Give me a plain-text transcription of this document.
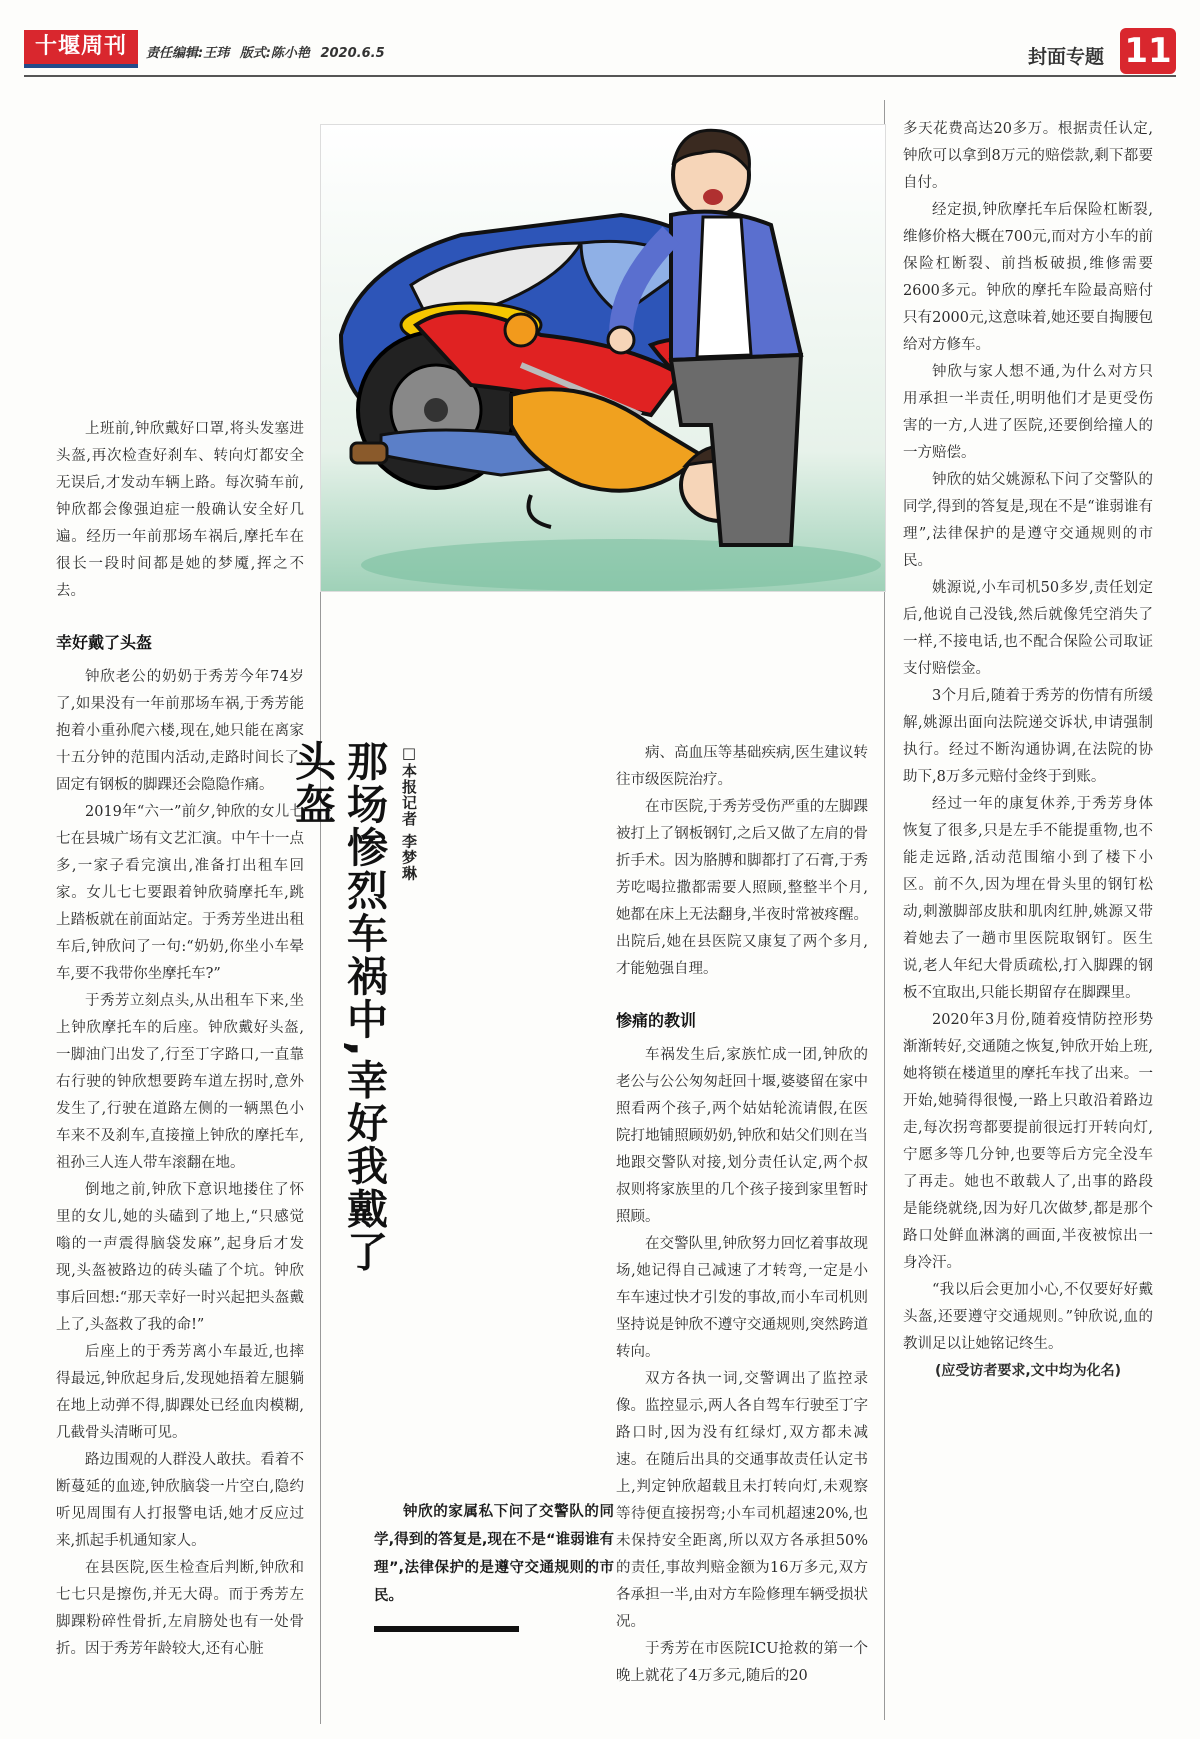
十堰周刊	责任编辑:王玮 版式:陈小艳 2020.6.5	封面专题 11
那场惨烈车祸中,幸好我戴了头盔	□本报记者 李梦琳

上班前,钟欣戴好口罩,将头发塞进头盔,再次检查好刹车、转向灯都安全无误后,才发动车辆上路。每次骑车前,钟欣都会像强迫症一般确认安全好几遍。经历一年前那场车祸后,摩托车在很长一段时间都是她的梦魇,挥之不去。

幸好戴了头盔

钟欣老公的奶奶于秀芳今年74岁了,如果没有一年前那场车祸,于秀芳能抱着小重孙爬六楼,现在,她只能在离家十五分钟的范围内活动,走路时间长了,固定有钢板的脚踝还会隐隐作痛。

2019年“六一”前夕,钟欣的女儿七七在县城广场有文艺汇演。中午十一点多,一家子看完演出,准备打出租车回家。女儿七七要跟着钟欣骑摩托车,跳上踏板就在前面站定。于秀芳坐进出租车后,钟欣问了一句:“奶奶,你坐小车晕车,要不我带你坐摩托车?”

于秀芳立刻点头,从出租车下来,坐上钟欣摩托车的后座。钟欣戴好头盔,一脚油门出发了,行至丁字路口,一直靠右行驶的钟欣想要跨车道左拐时,意外发生了,行驶在道路左侧的一辆黑色小车来不及刹车,直接撞上钟欣的摩托车,祖孙三人连人带车滚翻在地。

倒地之前,钟欣下意识地搂住了怀里的女儿,她的头磕到了地上,“只感觉嗡的一声震得脑袋发麻”,起身后才发现,头盔被路边的砖头磕了个坑。钟欣事后回想:“那天幸好一时兴起把头盔戴上了,头盔救了我的命!”

后座上的于秀芳离小车最近,也摔得最远,钟欣起身后,发现她捂着左腿躺在地上动弹不得,脚踝处已经血肉模糊,几截骨头清晰可见。

路边围观的人群没人敢扶。看着不断蔓延的血迹,钟欣脑袋一片空白,隐约听见周围有人打报警电话,她才反应过来,抓起手机通知家人。

在县医院,医生检查后判断,钟欣和七七只是擦伤,并无大碍。而于秀芳左脚踝粉碎性骨折,左肩膀处也有一处骨折。因于秀芳年龄较大,还有心脏

病、高血压等基础疾病,医生建议转往市级医院治疗。

在市医院,于秀芳受伤严重的左脚踝被打上了钢板钢钉,之后又做了左肩的骨折手术。因为胳膊和脚都打了石膏,于秀芳吃喝拉撒都需要人照顾,整整半个月,她都在床上无法翻身,半夜时常被疼醒。出院后,她在县医院又康复了两个多月,才能勉强自理。

惨痛的教训

车祸发生后,家族忙成一团,钟欣的老公与公公匆匆赶回十堰,婆婆留在家中照看两个孩子,两个姑姑轮流请假,在医院打地铺照顾奶奶,钟欣和姑父们则在当地跟交警队对接,划分责任认定,两个叔叔则将家族里的几个孩子接到家里暂时照顾。

在交警队里,钟欣努力回忆着事故现场,她记得自己减速了才转弯,一定是小车车速过快才引发的事故,而小车司机则坚持说是钟欣不遵守交通规则,突然跨道转向。

双方各执一词,交警调出了监控录像。监控显示,两人各自驾车行驶至丁字路口时,因为没有红绿灯,双方都未减速。在随后出具的交通事故责任认定书上,判定钟欣超载且未打转向灯,未观察等待便直接拐弯;小车司机超速20%,也未保持安全距离,所以双方各承担50%的责任,事故判赔金额为16万多元,双方各承担一半,由对方车险修理车辆受损状况。

于秀芳在市医院ICU抢救的第一个晚上就花了4万多元,随后的20

多天花费高达20多万。根据责任认定,钟欣可以拿到8万元的赔偿款,剩下都要自付。

经定损,钟欣摩托车后保险杠断裂,维修价格大概在700元,而对方小车的前保险杠断裂、前挡板破损,维修需要2600多元。钟欣的摩托车险最高赔付只有2000元,这意味着,她还要自掏腰包给对方修车。

钟欣与家人想不通,为什么对方只用承担一半责任,明明他们才是更受伤害的一方,人进了医院,还要倒给撞人的一方赔偿。

钟欣的姑父姚源私下问了交警队的同学,得到的答复是,现在不是“谁弱谁有理”,法律保护的是遵守交通规则的市民。

姚源说,小车司机50多岁,责任划定后,他说自己没钱,然后就像凭空消失了一样,不接电话,也不配合保险公司取证支付赔偿金。

3个月后,随着于秀芳的伤情有所缓解,姚源出面向法院递交诉状,申请强制执行。经过不断沟通协调,在法院的协助下,8万多元赔付金终于到账。

经过一年的康复休养,于秀芳身体恢复了很多,只是左手不能提重物,也不能走远路,活动范围缩小到了楼下小区。前不久,因为埋在骨头里的钢钉松动,刺激脚部皮肤和肌肉红肿,姚源又带着她去了一趟市里医院取钢钉。医生说,老人年纪大骨质疏松,打入脚踝的钢板不宜取出,只能长期留存在脚踝里。

2020年3月份,随着疫情防控形势渐渐转好,交通随之恢复,钟欣开始上班,她将锁在楼道里的摩托车找了出来。一开始,她骑得很慢,一路上只敢沿着路边走,每次拐弯都要提前很远打开转向灯,宁愿多等几分钟,也要等后方完全没车了再走。她也不敢载人了,出事的路段是能绕就绕,因为好几次做梦,都是那个路口处鲜血淋漓的画面,半夜被惊出一身冷汗。

“我以后会更加小心,不仅要好好戴头盔,还要遵守交通规则。”钟欣说,血的教训足以让她铭记终生。

(应受访者要求,文中均为化名)

钟欣的家属私下问了交警队的同学,得到的答复是,现在不是“谁弱谁有理”,法律保护的是遵守交通规则的市民。
